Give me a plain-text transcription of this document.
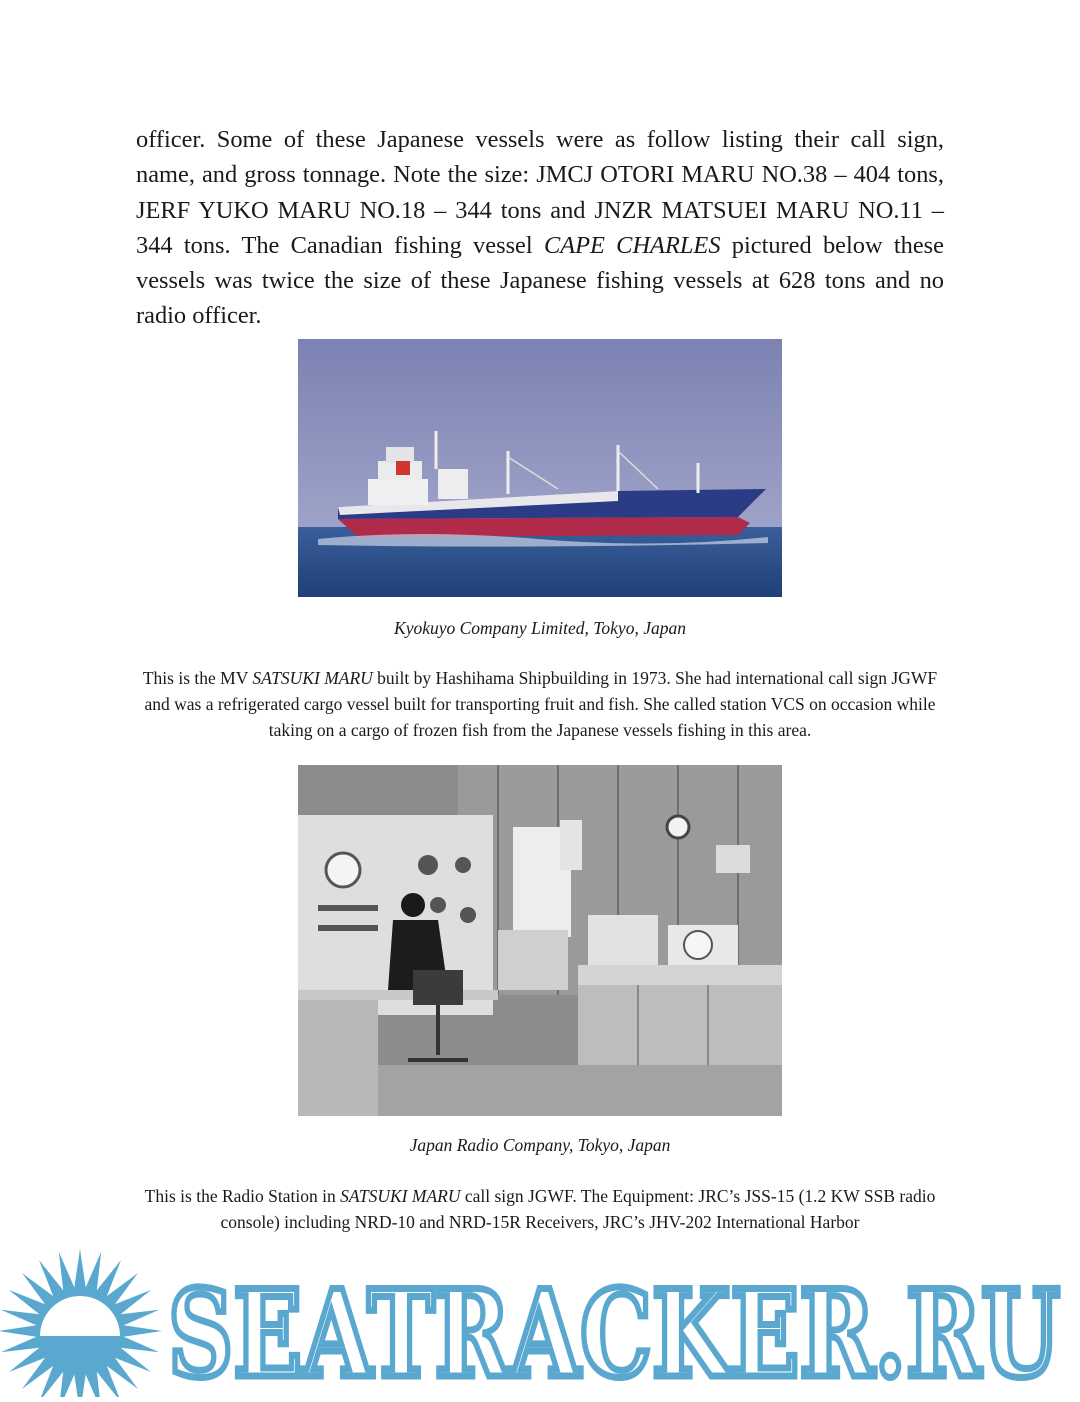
officer. Some of these Japanese vessels were as follow listing their call sign, name, and gross tonnage. Note the size: JMCJ OTORI MARU NO.38 – 404 tons, JERF YUKO MARU NO.18 – 344 tons and JNZR MATSUEI MARU NO.11 – 344 tons. The Canadian fishing vessel CAPE CHARLES pictured below these vessels was twice the size of these Japanese fishing vessels at 628 tons and no radio officer.

Kyokuyo Company Limited, Tokyo, Japan

This is the MV SATSUKI MARU built by Hashihama Shipbuilding in 1973. She had international call sign JGWF and was a refrigerated cargo vessel built for transporting fruit and fish. She called station VCS on occasion while taking on a cargo of frozen fish from the Japanese vessels fishing in this area.

Japan Radio Company, Tokyo, Japan

This is the Radio Station in SATSUKI MARU call sign JGWF. The Equipment: JRC’s JSS-15 (1.2 KW SSB radio console) including NRD-10 and NRD-15R Receivers, JRC’s JHV-202 International Harbor

SEATRACKER.RU
